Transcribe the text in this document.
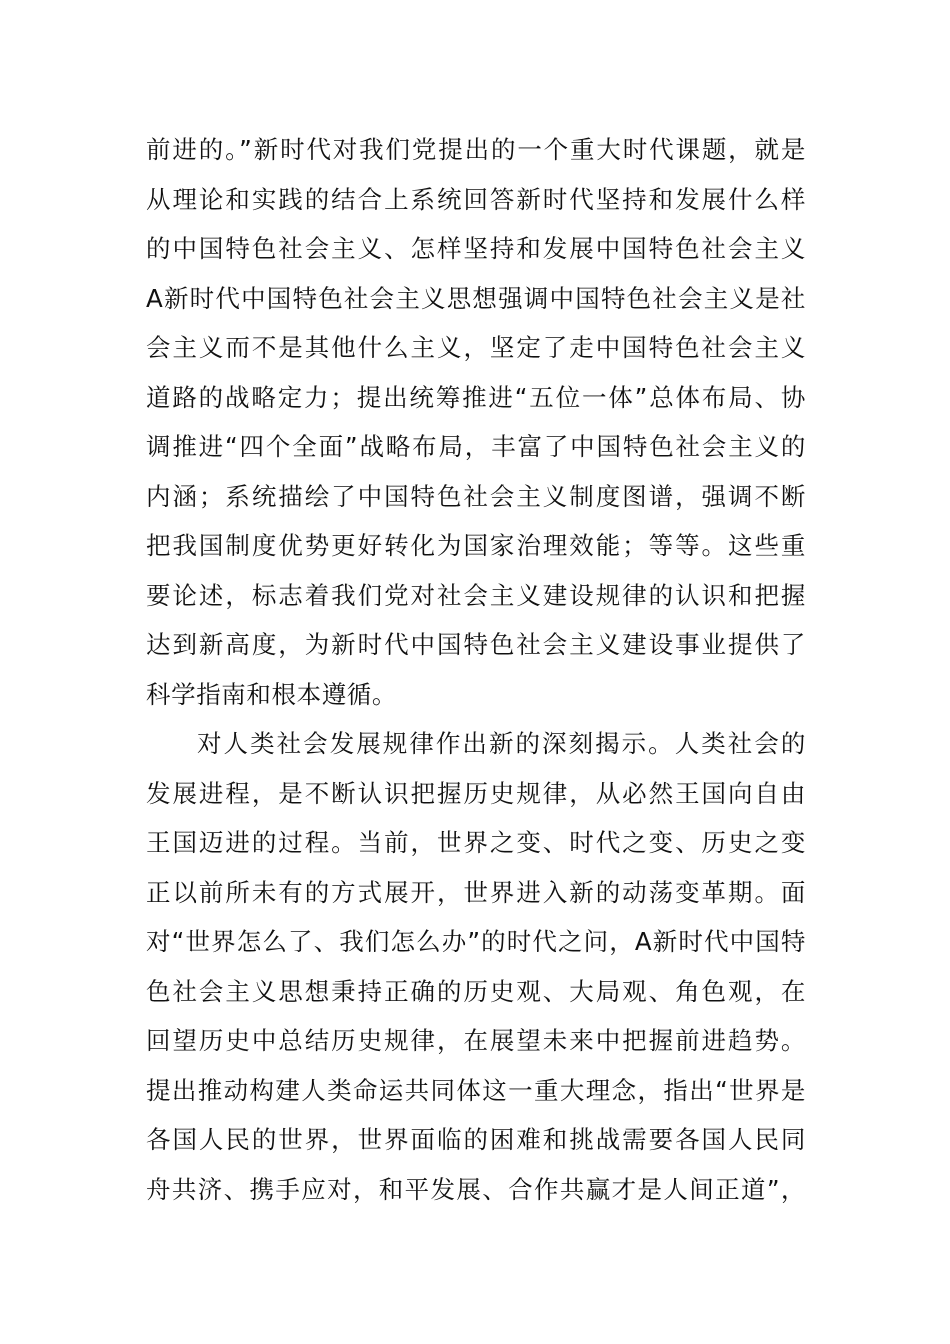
前进的。”新时代对我们党提出的一个重大时代课题，就是
从理论和实践的结合上系统回答新时代坚持和发展什么样
的中国特色社会主义、怎样坚持和发展中国特色社会主义
A新时代中国特色社会主义思想强调中国特色社会主义是社
会主义而不是其他什么主义，坚定了走中国特色社会主义
道路的战略定力；提出统筹推进“五位一体”总体布局、协
调推进“四个全面”战略布局，丰富了中国特色社会主义的
内涵；系统描绘了中国特色社会主义制度图谱，强调不断
把我国制度优势更好转化为国家治理效能；等等。这些重
要论述，标志着我们党对社会主义建设规律的认识和把握
达到新高度，为新时代中国特色社会主义建设事业提供了
科学指南和根本遵循。
对人类社会发展规律作出新的深刻揭示。人类社会的
发展进程，是不断认识把握历史规律，从必然王国向自由
王国迈进的过程。当前，世界之变、时代之变、历史之变
正以前所未有的方式展开，世界进入新的动荡变革期。面
对“世界怎么了、我们怎么办”的时代之问，A新时代中国特
色社会主义思想秉持正确的历史观、大局观、角色观，在
回望历史中总结历史规律，在展望未来中把握前进趋势。
提出推动构建人类命运共同体这一重大理念，指出“世界是
各国人民的世界，世界面临的困难和挑战需要各国人民同
舟共济、携手应对，和平发展、合作共赢才是人间正道”，
